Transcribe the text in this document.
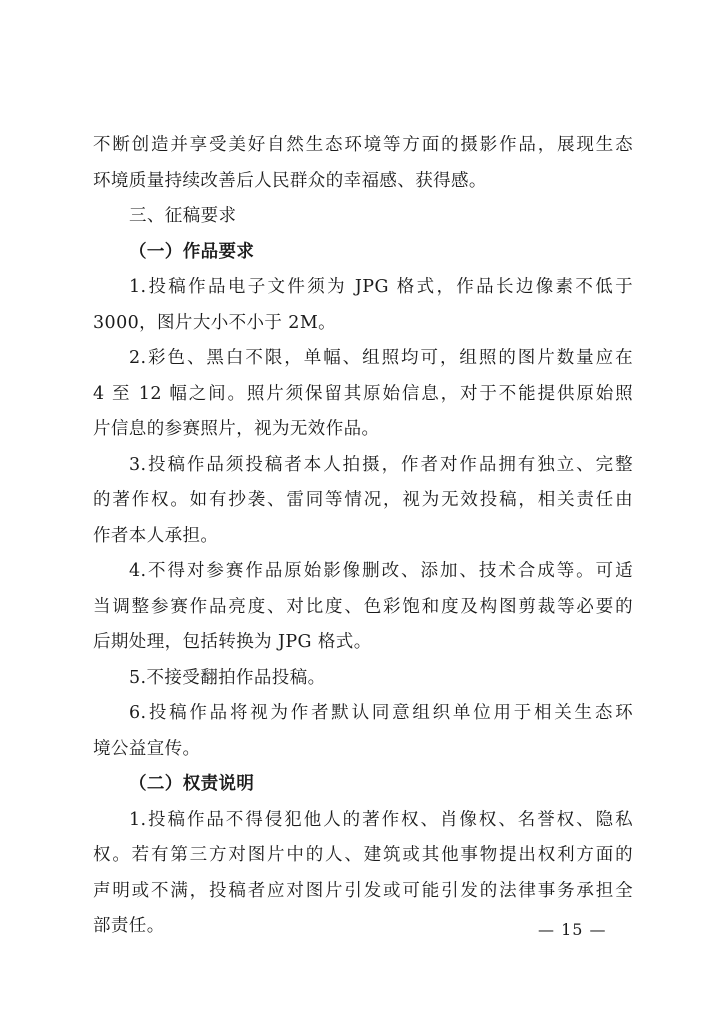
不断创造并享受美好自然生态环境等方面的摄影作品，展现生态
环境质量持续改善后人民群众的幸福感、获得感。
三、征稿要求
（一）作品要求
1.投稿作品电子文件须为 JPG 格式，作品长边像素不低于
3000，图片大小不小于 2M。
2.彩色、黑白不限，单幅、组照均可，组照的图片数量应在
4 至 12 幅之间。照片须保留其原始信息，对于不能提供原始照
片信息的参赛照片，视为无效作品。
3.投稿作品须投稿者本人拍摄，作者对作品拥有独立、完整
的著作权。如有抄袭、雷同等情况，视为无效投稿，相关责任由
作者本人承担。
4.不得对参赛作品原始影像删改、添加、技术合成等。可适
当调整参赛作品亮度、对比度、色彩饱和度及构图剪裁等必要的
后期处理，包括转换为 JPG 格式。
5.不接受翻拍作品投稿。
6.投稿作品将视为作者默认同意组织单位用于相关生态环
境公益宣传。
（二）权责说明
1.投稿作品不得侵犯他人的著作权、肖像权、名誉权、隐私
权。若有第三方对图片中的人、建筑或其他事物提出权利方面的
声明或不满，投稿者应对图片引发或可能引发的法律事务承担全
部责任。	— 15 —
